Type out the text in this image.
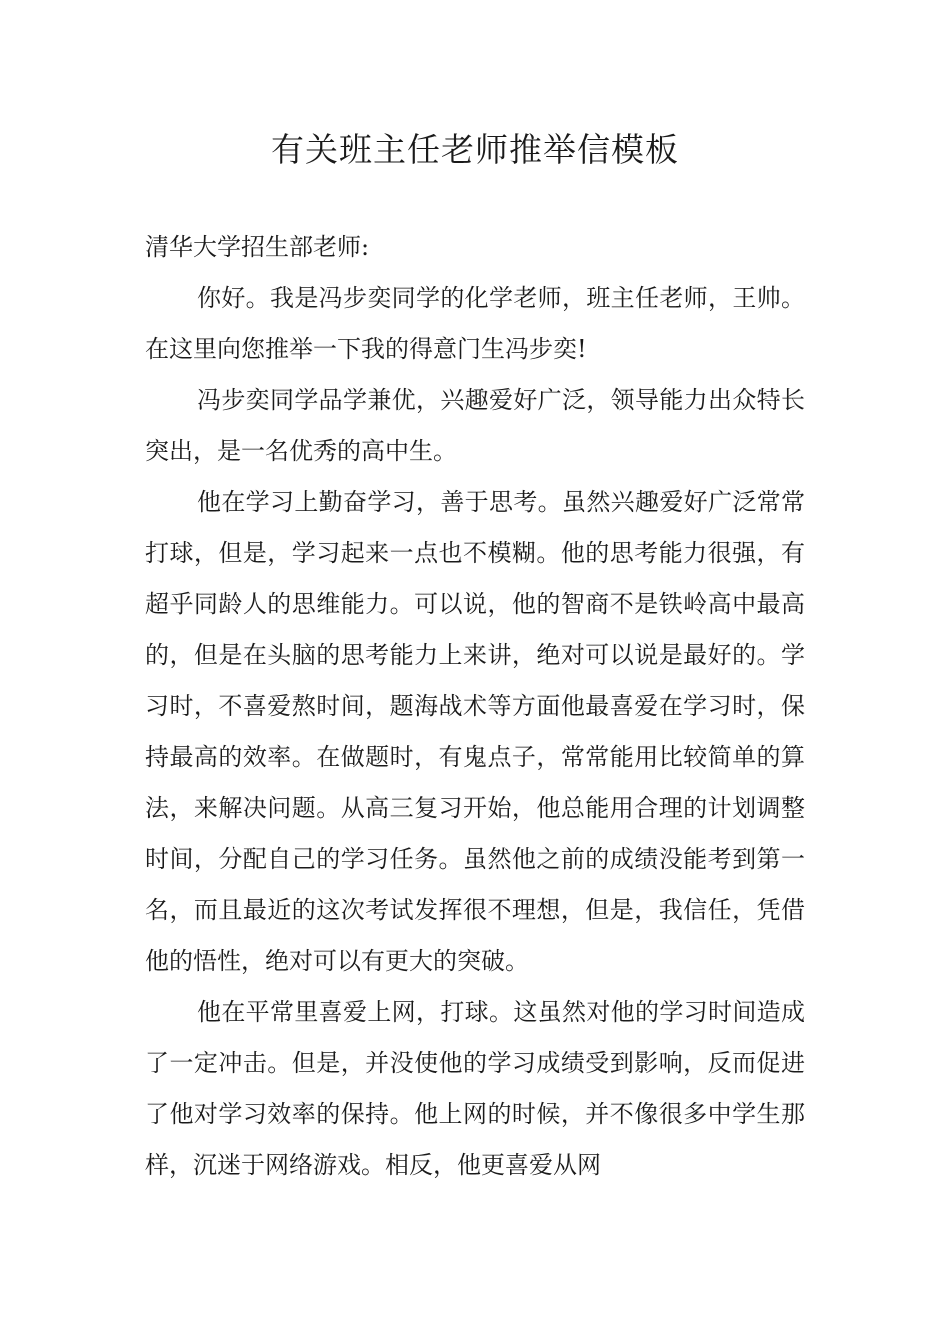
有关班主任老师推举信模板

清华大学招生部老师:

你好。我是冯步奕同学的化学老师，班主任老师，王帅。在这里向您推举一下我的得意门生冯步奕!

冯步奕同学品学兼优，兴趣爱好广泛，领导能力出众特长突出，是一名优秀的高中生。

他在学习上勤奋学习，善于思考。虽然兴趣爱好广泛常常打球，但是，学习起来一点也不模糊。他的思考能力很强，有超乎同龄人的思维能力。可以说，他的智商不是铁岭高中最高的，但是在头脑的思考能力上来讲，绝对可以说是最好的。学习时，不喜爱熬时间，题海战术等方面他最喜爱在学习时，保持最高的效率。在做题时，有鬼点子，常常能用比较简单的算法，来解决问题。从高三复习开始，他总能用合理的计划调整时间，分配自己的学习任务。虽然他之前的成绩没能考到第一名，而且最近的这次考试发挥很不理想，但是，我信任，凭借他的悟性，绝对可以有更大的突破。

他在平常里喜爱上网，打球。这虽然对他的学习时间造成了一定冲击。但是，并没使他的学习成绩受到影响，反而促进了他对学习效率的保持。他上网的时候，并不像很多中学生那样，沉迷于网络游戏。相反，他更喜爱从网
